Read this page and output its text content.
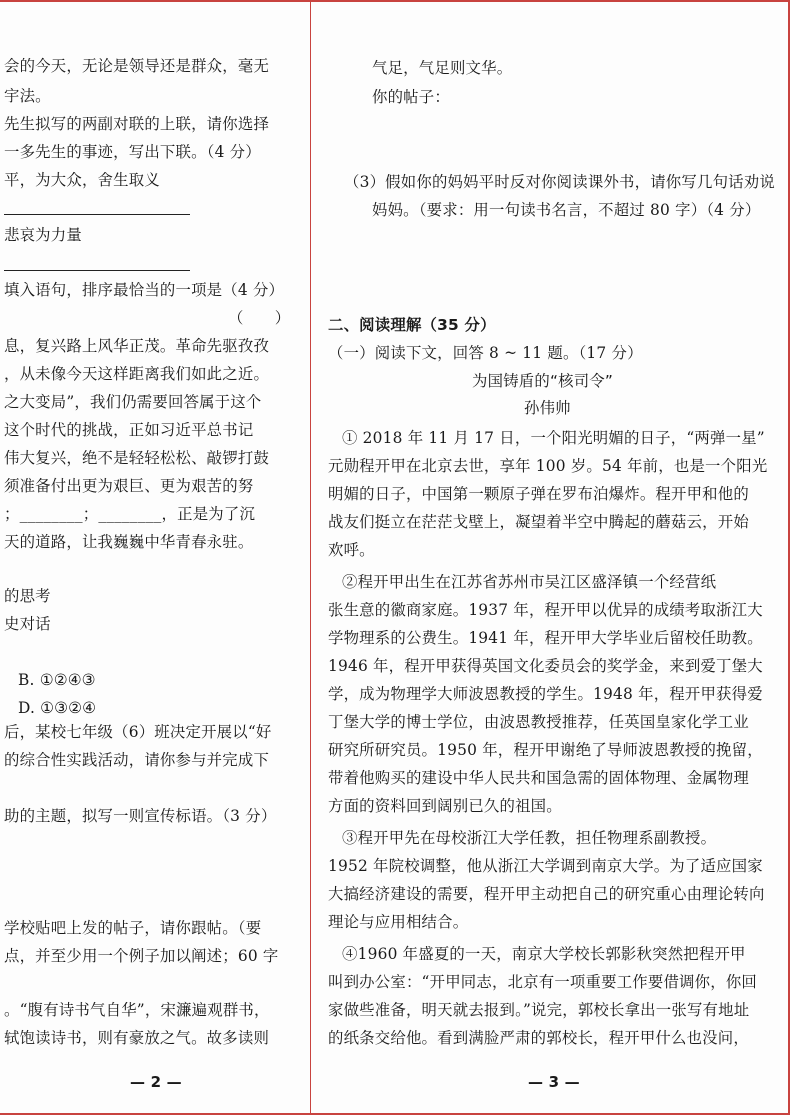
会的今天，无论是领导还是群众，毫无
宇法。
先生拟写的两副对联的上联，请你选择
一多先生的事迹，写出下联。（4 分）
平，为大众，舍生取义
悲哀为力量
填入语句，排序最恰当的一项是（4 分）
（　　）
息，复兴路上风华正茂。革命先驱孜孜
，从未像今天这样距离我们如此之近。
之大变局”，我们仍需要回答属于这个
这个时代的挑战，正如习近平总书记
伟大复兴，绝不是轻轻松松、敲锣打鼓
须准备付出更为艰巨、更为艰苦的努
；________；________，正是为了沉
天的道路，让我巍巍中华青春永驻。
的思考
史对话
B. ①②④③
D. ①③②④
后，某校七年级（6）班决定开展以“好
的综合性实践活动，请你参与并完成下
助的主题，拟写一则宣传标语。（3 分）
学校贴吧上发的帖子，请你跟帖。（要
点，并至少用一个例子加以阐述；60 字
。“腹有诗书气自华”，宋濂遍观群书，
轼饱读诗书，则有豪放之气。故多读则
— 2 —
气足，气足则文华。
你的帖子：
（3）假如你的妈妈平时反对你阅读课外书，请你写几句话劝说
妈妈。（要求：用一句读书名言，不超过 80 字）（4 分）
二、阅读理解（35 分）
（一）阅读下文，回答 8 ~ 11 题。（17 分）
为国铸盾的“核司令”
孙伟帅
① 2018 年 11 月 17 日，一个阳光明媚的日子，“两弹一星”
元勋程开甲在北京去世，享年 100 岁。54 年前，也是一个阳光
明媚的日子，中国第一颗原子弹在罗布泊爆炸。程开甲和他的
战友们挺立在茫茫戈壁上，凝望着半空中腾起的蘑菇云，开始
欢呼。
②程开甲出生在江苏省苏州市吴江区盛泽镇一个经营纸
张生意的徽商家庭。1937 年，程开甲以优异的成绩考取浙江大
学物理系的公费生。1941 年，程开甲大学毕业后留校任助教。
1946 年，程开甲获得英国文化委员会的奖学金，来到爱丁堡大
学，成为物理学大师波恩教授的学生。1948 年，程开甲获得爱
丁堡大学的博士学位，由波恩教授推荐，任英国皇家化学工业
研究所研究员。1950 年，程开甲谢绝了导师波恩教授的挽留，
带着他购买的建设中华人民共和国急需的固体物理、金属物理
方面的资料回到阔别已久的祖国。
③程开甲先在母校浙江大学任教，担任物理系副教授。
1952 年院校调整，他从浙江大学调到南京大学。为了适应国家
大搞经济建设的需要，程开甲主动把自己的研究重心由理论转向
理论与应用相结合。
④1960 年盛夏的一天，南京大学校长郭影秋突然把程开甲
叫到办公室：“开甲同志，北京有一项重要工作要借调你，你回
家做些准备，明天就去报到。”说完，郭校长拿出一张写有地址
的纸条交给他。看到满脸严肃的郭校长，程开甲什么也没问，
— 3 —
